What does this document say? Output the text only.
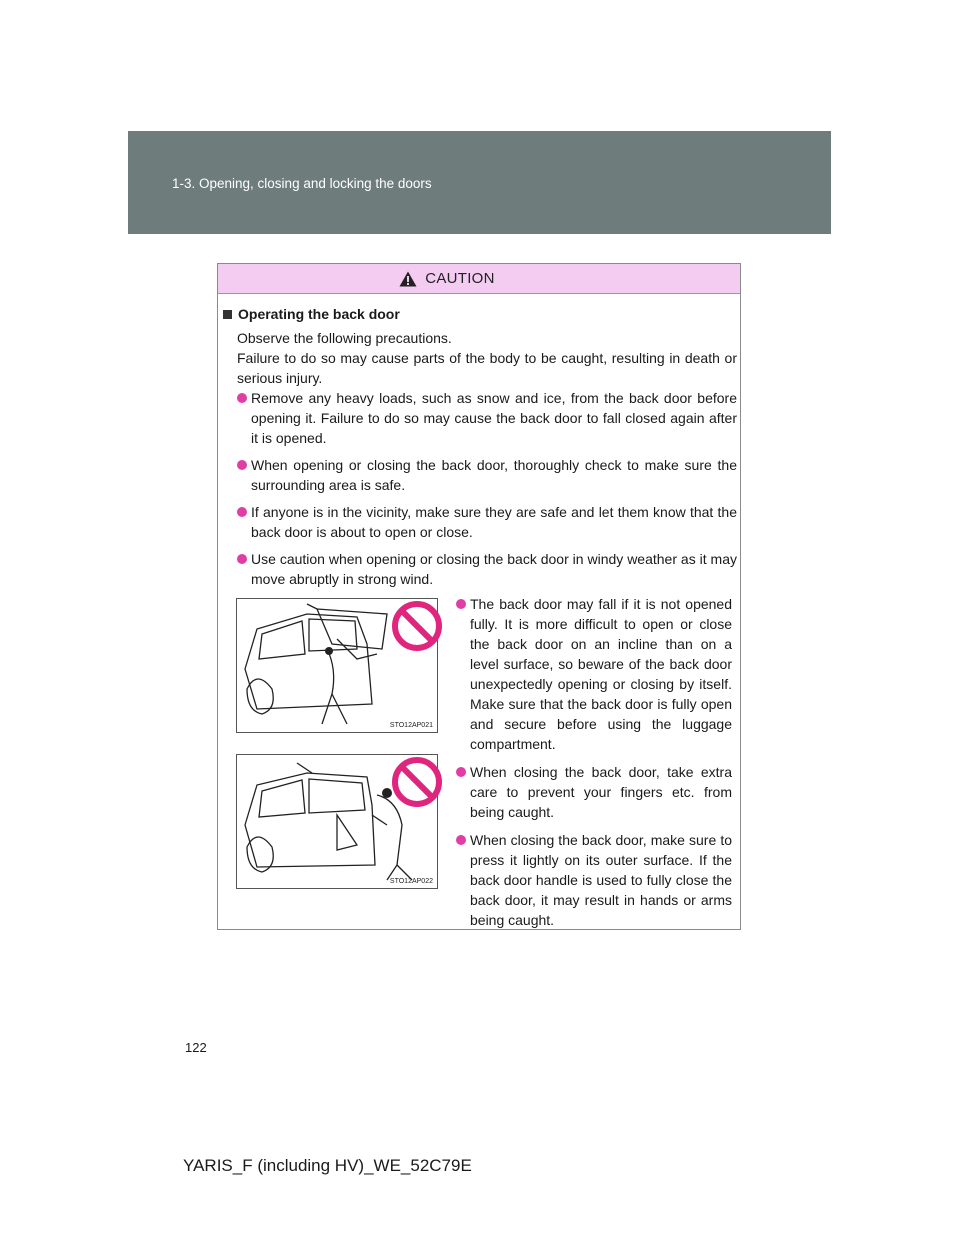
1-3. Opening, closing and locking the doors
CAUTION
Operating the back door

Observe the following precautions.

Failure to do so may cause parts of the body to be caught, resulting in death or serious injury.

Remove any heavy loads, such as snow and ice, from the back door before opening it. Failure to do so may cause the back door to fall closed again after it is opened.
When opening or closing the back door, thoroughly check to make sure the surrounding area is safe.
If anyone is in the vicinity, make sure they are safe and let them know that the back door is about to open or close.
Use caution when opening or closing the back door in windy weather as it may move abruptly in strong wind.
STO12AP021
STO12AP022
The back door may fall if it is not opened fully. It is more difficult to open or close the back door on an incline than on a level surface, so beware of the back door unexpectedly opening or closing by itself. Make sure that the back door is fully open and secure before using the luggage compartment.
When closing the back door, take extra care to prevent your fingers etc. from being caught.
When closing the back door, make sure to press it lightly on its outer surface. If the back door handle is used to fully close the back door, it may result in hands or arms being caught.
122
YARIS_F (including HV)_WE_52C79E
